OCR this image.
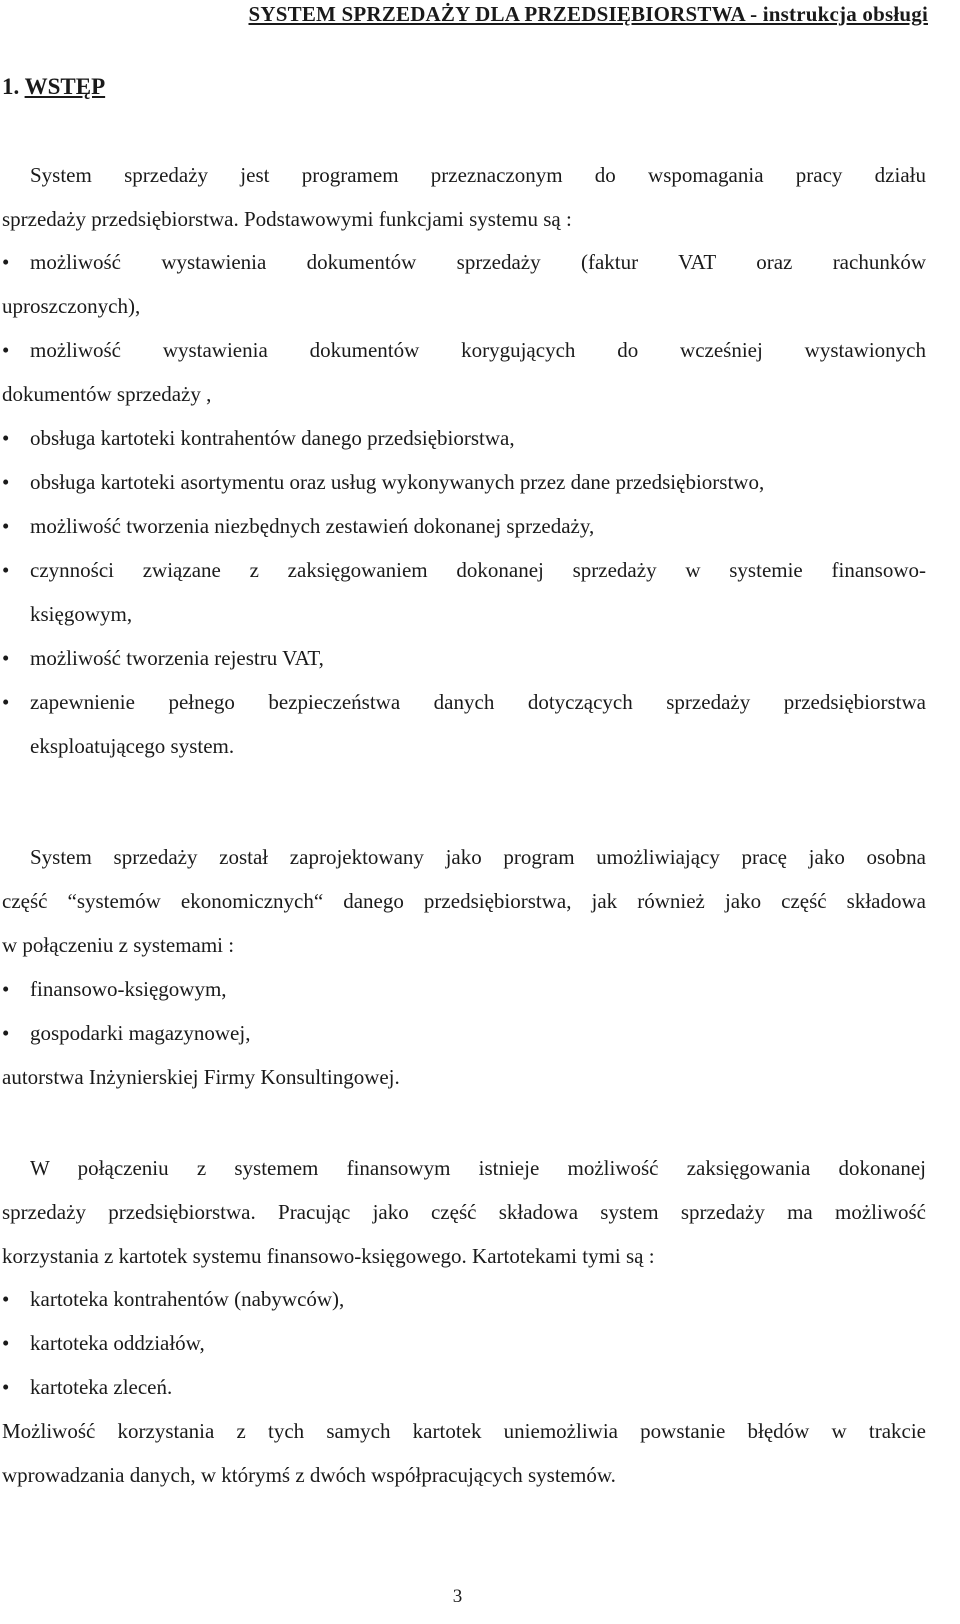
SYSTEM SPRZEDAŻY DLA PRZEDSIĘBIORSTWA - instrukcja obsługi
1. WSTĘP
System sprzedaży jest programem przeznaczonym do wspomagania pracy działu
sprzedaży przedsiębiorstwa. Podstawowymi funkcjami systemu są :
• możliwość wystawienia dokumentów sprzedaży (faktur VAT oraz rachunków
uproszczonych),
• możliwość wystawienia dokumentów korygujących do wcześniej wystawionych
dokumentów sprzedaży ,
• obsługa kartoteki kontrahentów danego przedsiębiorstwa,
• obsługa kartoteki asortymentu oraz usług wykonywanych przez dane przedsiębiorstwo,
• możliwość tworzenia niezbędnych zestawień dokonanej sprzedaży,
• czynności związane z zaksięgowaniem dokonanej sprzedaży w systemie finansowo-
księgowym,
• możliwość tworzenia rejestru VAT,
• zapewnienie pełnego bezpieczeństwa danych dotyczących sprzedaży przedsiębiorstwa
eksploatującego system.
System sprzedaży został zaprojektowany jako program umożliwiający pracę jako osobna
część “systemów ekonomicznych“ danego przedsiębiorstwa, jak również jako część składowa
w połączeniu z systemami :
• finansowo-księgowym,
• gospodarki magazynowej,
autorstwa Inżynierskiej Firmy Konsultingowej.
W połączeniu z systemem finansowym istnieje możliwość zaksięgowania dokonanej
sprzedaży przedsiębiorstwa. Pracując jako część składowa system sprzedaży ma możliwość
korzystania z kartotek systemu finansowo-księgowego. Kartotekami tymi są :
• kartoteka kontrahentów (nabywców),
• kartoteka oddziałów,
• kartoteka zleceń.
Możliwość korzystania z tych samych kartotek uniemożliwia powstanie błędów w trakcie
wprowadzania danych, w którymś z dwóch współpracujących systemów.
3
